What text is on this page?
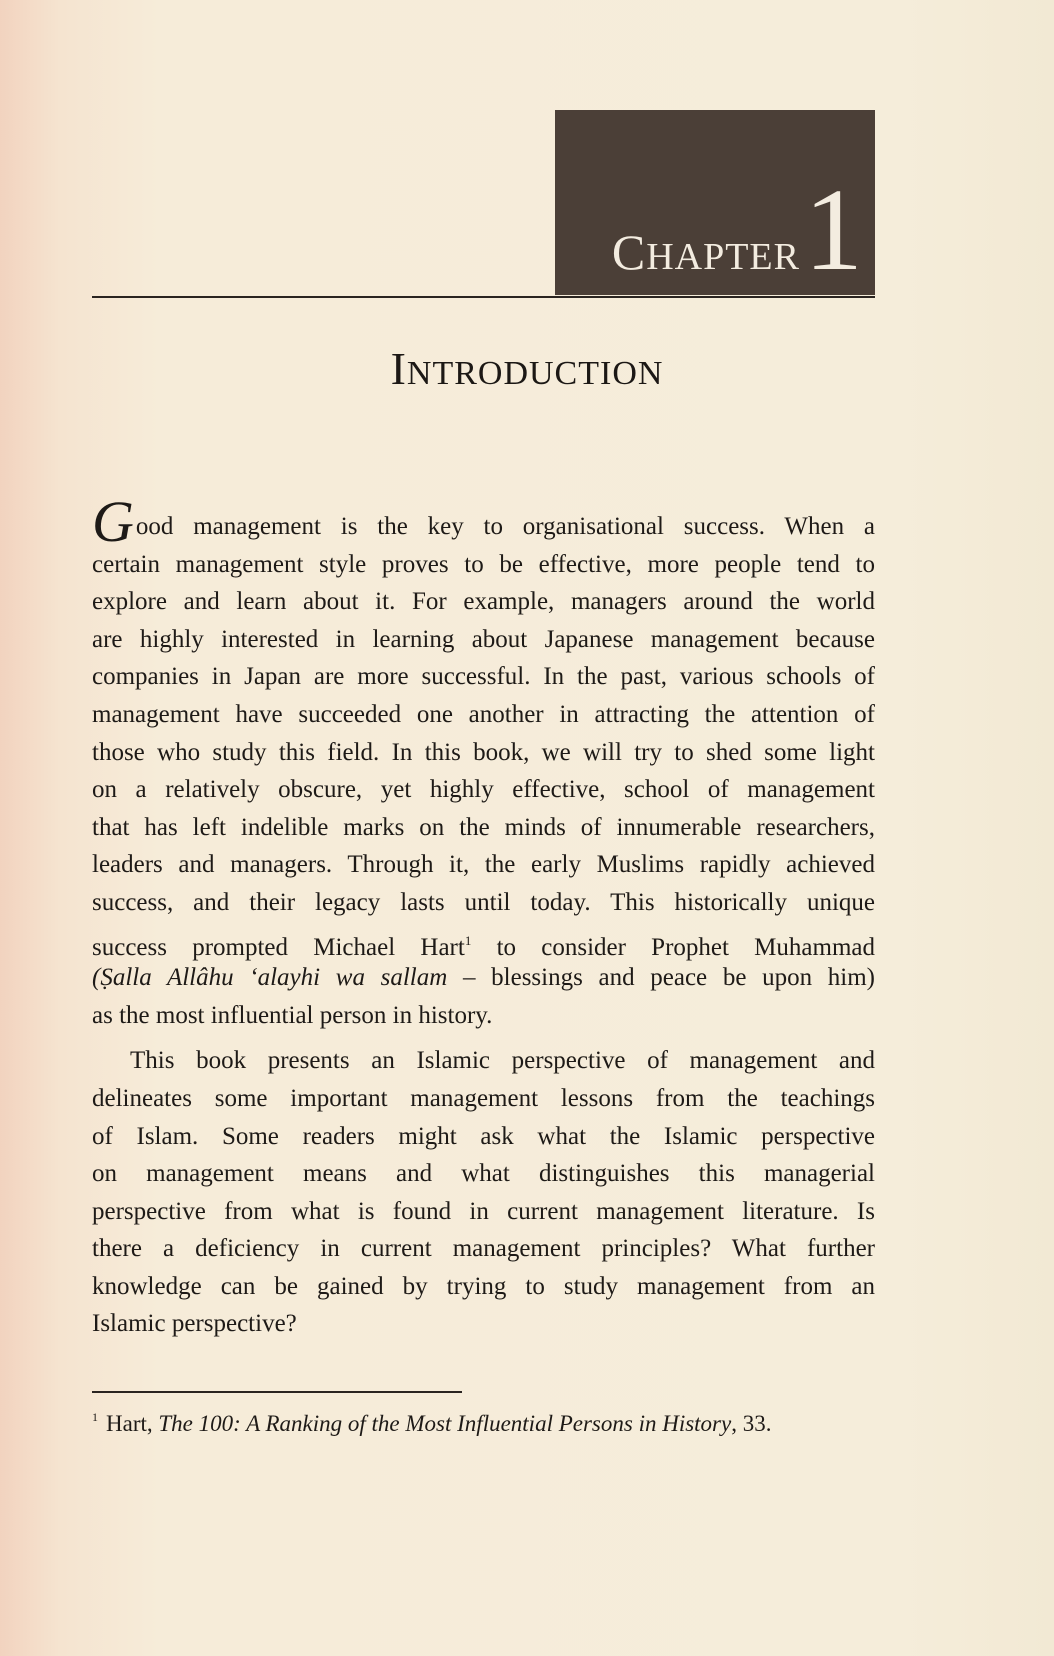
CHAPTER1
INTRODUCTION
Good management is the key to organisational success. When a
certain management style proves to be effective, more people tend to
explore and learn about it. For example, managers around the world
are highly interested in learning about Japanese management because
companies in Japan are more successful. In the past, various schools of
management have succeeded one another in attracting the attention of
those who study this field. In this book, we will try to shed some light
on a relatively obscure, yet highly effective, school of management
that has left indelible marks on the minds of innumerable researchers,
leaders and managers. Through it, the early Muslims rapidly achieved
success, and their legacy lasts until today. This historically unique
success prompted Michael Hart$^1$ to consider Prophet Muhammad
(Ṣalla Allâhu ‘alayhi wa sallam – blessings and peace be upon him)
as the most influential person in history.
This book presents an Islamic perspective of management and
delineates some important management lessons from the teachings
of Islam. Some readers might ask what the Islamic perspective
on management means and what distinguishes this managerial
perspective from what is found in current management literature. Is
there a deficiency in current management principles? What further
knowledge can be gained by trying to study management from an
Islamic perspective?
$^1$ Hart, The 100: A Ranking of the Most Influential Persons in History, 33.
